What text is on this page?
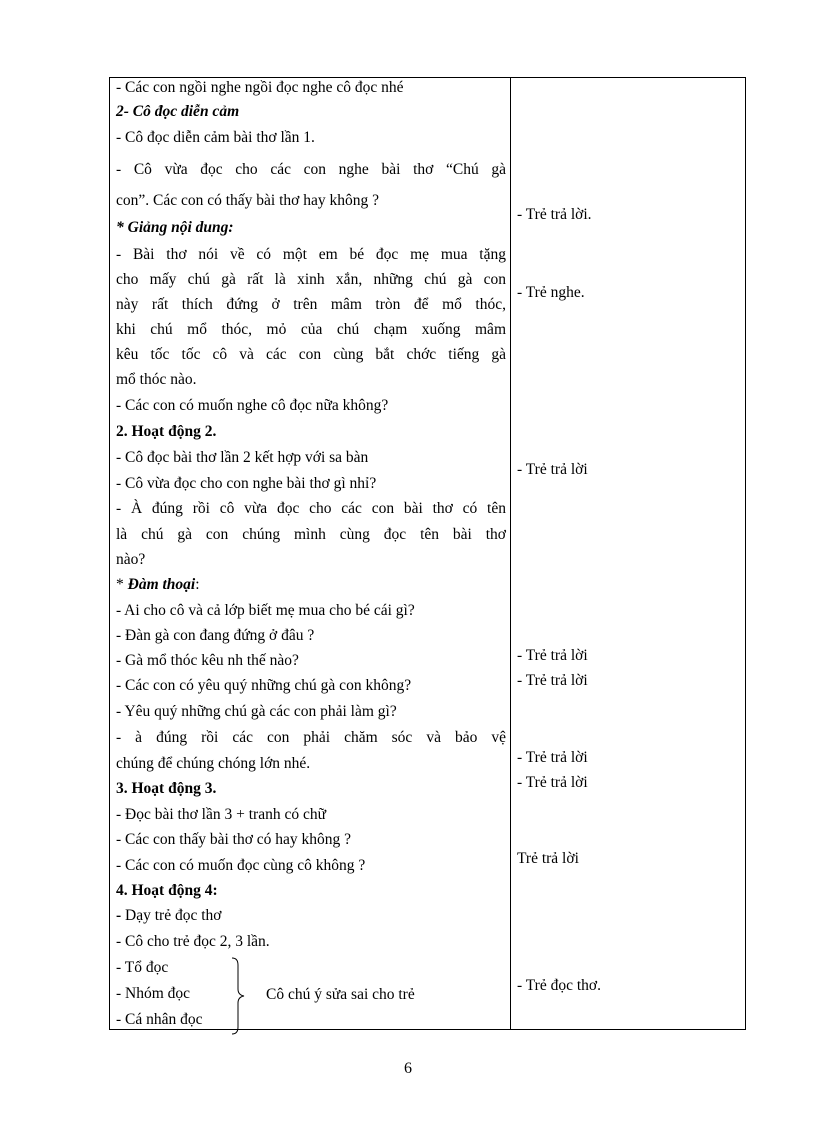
- Các con ngồi nghe ngồi đọc nghe cô đọc nhé
2- Cô đọc diễn cảm
- Cô đọc diễn cảm bài thơ lần 1.
- Cô vừa đọc cho các con nghe bài thơ “Chú gà
con”. Các con có thấy bài thơ hay không ?
* Giảng nội dung:
- Bài thơ nói về có một em bé đọc mẹ mua tặng
cho mấy chú gà rất là xinh xắn, những chú gà con
này rất thích đứng ở trên mâm tròn để mổ thóc,
khi chú mổ thóc, mỏ của chú chạm xuống mâm
kêu tốc tốc cô và các con cùng bắt chớc tiếng gà
mổ thóc nào.
- Các con có muốn nghe cô đọc nữa không?
2. Hoạt động 2.
- Cô đọc bài thơ lần 2 kết hợp với sa bàn
- Cô vừa đọc cho con nghe bài thơ gì nhỉ?
- À đúng rồi cô vừa đọc cho các con bài thơ có tên
là chú gà con chúng mình cùng đọc tên bài thơ
nào?
* Đàm thoại:
- Ai cho cô và cả lớp biết mẹ mua cho bé cái gì?
- Đàn gà con đang đứng ở đâu ?
- Gà mổ thóc kêu nh thế nào?
- Các con có yêu quý những chú gà con không?
- Yêu quý những chú gà các con phải làm gì?
- à đúng rồi các con phải chăm sóc và bảo vệ
chúng để chúng chóng lớn nhé.
3. Hoạt động 3.
- Đọc bài thơ lần 3 + tranh có chữ
- Các con thấy bài thơ có hay không ?
- Các con có muốn đọc cùng cô không ?
4. Hoạt động 4:
- Dạy trẻ đọc thơ
- Cô cho trẻ đọc 2, 3 lần.
- Tổ đọc
- Nhóm đọc
- Cá nhân đọc
Cô chú ý sửa sai cho trẻ
- Trẻ trả lời.
- Trẻ nghe.
- Trẻ trả lời
- Trẻ trả lời
- Trẻ trả lời
- Trẻ trả lời
- Trẻ trả lời
Trẻ trả lời
- Trẻ đọc thơ.
6
